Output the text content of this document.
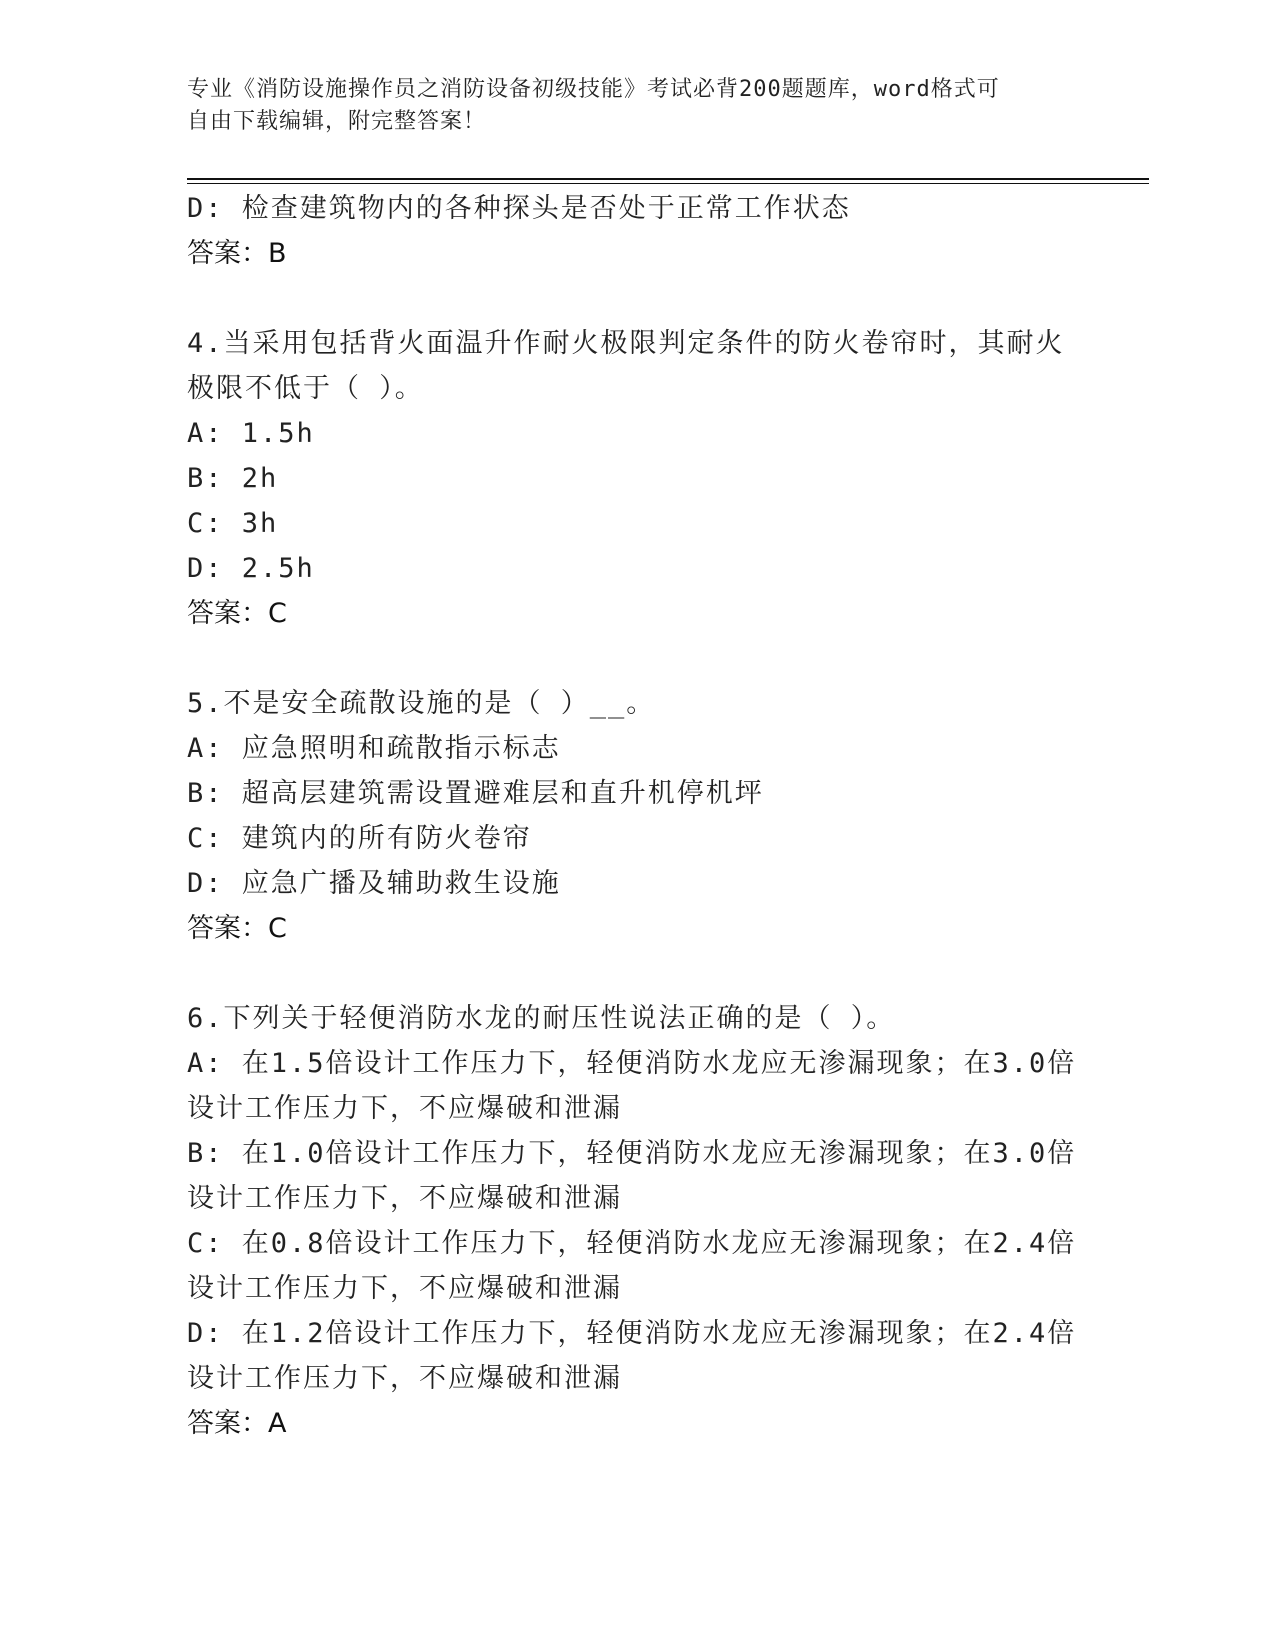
专业《消防设施操作员之消防设备初级技能》考试必背200题题库，word格式可
自由下载编辑，附完整答案！
D: 检查建筑物内的各种探头是否处于正常工作状态
答案：B
4.当采用包括背火面温升作耐火极限判定条件的防火卷帘时，其耐火
极限不低于（ ）。
A: 1.5h
B: 2h
C: 3h
D: 2.5h
答案：C
5.不是安全疏散设施的是（ ）__。
A: 应急照明和疏散指示标志
B: 超高层建筑需设置避难层和直升机停机坪
C: 建筑内的所有防火卷帘
D: 应急广播及辅助救生设施
答案：C
6.下列关于轻便消防水龙的耐压性说法正确的是（ ）。
A: 在1.5倍设计工作压力下，轻便消防水龙应无渗漏现象；在3.0倍
设计工作压力下，不应爆破和泄漏
B: 在1.0倍设计工作压力下，轻便消防水龙应无渗漏现象；在3.0倍
设计工作压力下，不应爆破和泄漏
C: 在0.8倍设计工作压力下，轻便消防水龙应无渗漏现象；在2.4倍
设计工作压力下，不应爆破和泄漏
D: 在1.2倍设计工作压力下，轻便消防水龙应无渗漏现象；在2.4倍
设计工作压力下，不应爆破和泄漏
答案：A
